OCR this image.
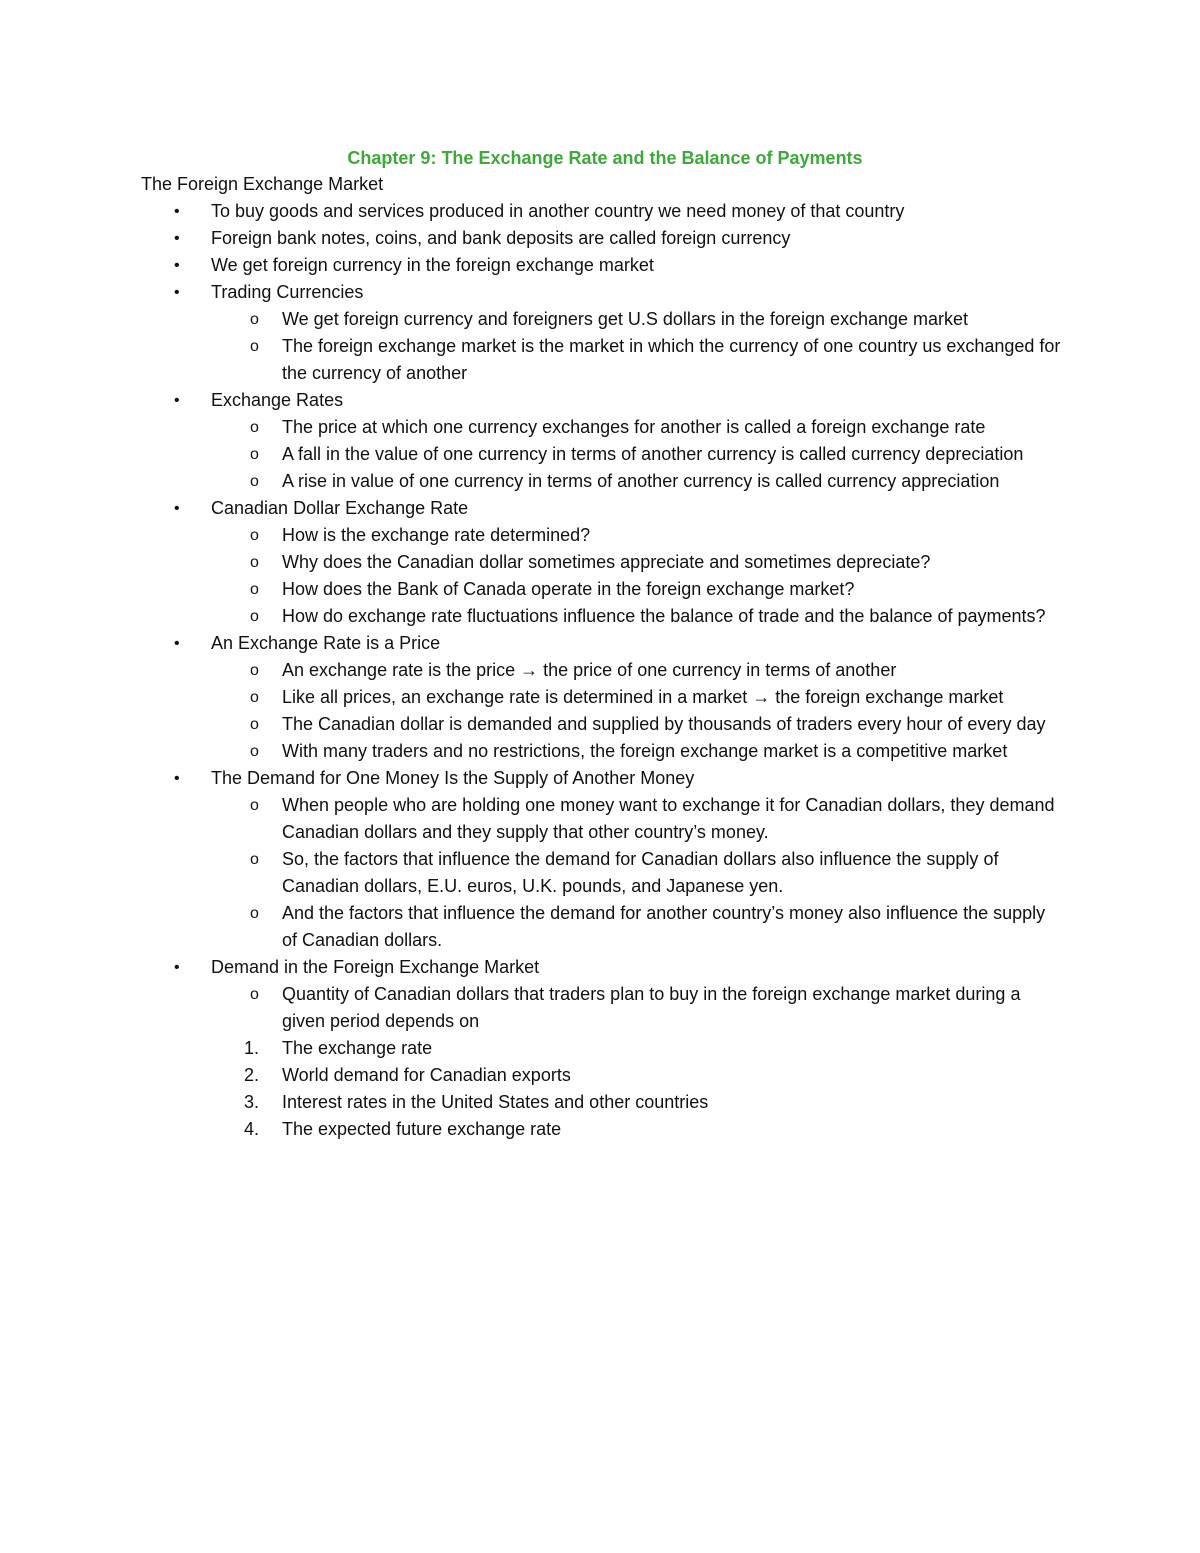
Chapter 9: The Exchange Rate and the Balance of Payments
The Foreign Exchange Market
• To buy goods and services produced in another country we need money of that country
• Foreign bank notes, coins, and bank deposits are called foreign currency
• We get foreign currency in the foreign exchange market
• Trading Currencies
o We get foreign currency and foreigners get U.S dollars in the foreign exchange market
o The foreign exchange market is the market in which the currency of one country us exchanged for the currency of another
• Exchange Rates
o The price at which one currency exchanges for another is called a foreign exchange rate
o A fall in the value of one currency in terms of another currency is called currency depreciation
o A rise in value of one currency in terms of another currency is called currency appreciation
• Canadian Dollar Exchange Rate
o How is the exchange rate determined?
o Why does the Canadian dollar sometimes appreciate and sometimes depreciate?
o How does the Bank of Canada operate in the foreign exchange market?
o How do exchange rate fluctuations influence the balance of trade and the balance of payments?
• An Exchange Rate is a Price
o An exchange rate is the price → the price of one currency in terms of another
o Like all prices, an exchange rate is determined in a market → the foreign exchange market
o The Canadian dollar is demanded and supplied by thousands of traders every hour of every day
o With many traders and no restrictions, the foreign exchange market is a competitive market
• The Demand for One Money Is the Supply of Another Money
o When people who are holding one money want to exchange it for Canadian dollars, they demand Canadian dollars and they supply that other country’s money.
o So, the factors that influence the demand for Canadian dollars also influence the supply of Canadian dollars, E.U. euros, U.K. pounds, and Japanese yen.
o And the factors that influence the demand for another country’s money also influence the supply of Canadian dollars.
• Demand in the Foreign Exchange Market
o Quantity of Canadian dollars that traders plan to buy in the foreign exchange market during a given period depends on
1. The exchange rate
2. World demand for Canadian exports
3. Interest rates in the United States and other countries
4. The expected future exchange rate
